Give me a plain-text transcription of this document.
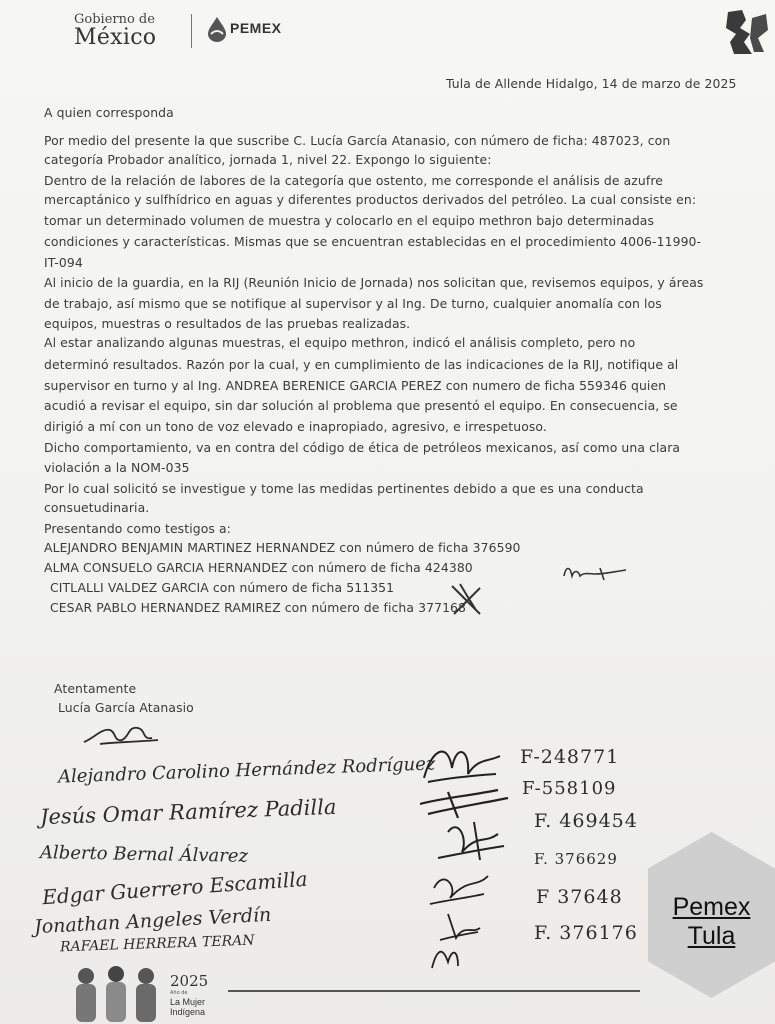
Gobierno de
México	PEMEX
Tula de Allende Hidalgo, 14 de marzo de 2025
A quien corresponda
Por medio del presente la que suscribe C. Lucía García Atanasio, con número de ficha: 487023, con
categoría Probador analítico, jornada 1, nivel 22. Expongo lo siguiente:
Dentro de la relación de labores de la categoría que ostento, me corresponde el análisis de azufre
mercaptánico y sulfhídrico en aguas y diferentes productos derivados del petróleo. La cual consiste en:
tomar un determinado volumen de muestra y colocarlo en el equipo methron bajo determinadas
condiciones y características. Mismas que se encuentran establecidas en el procedimiento 4006-11990-
IT-094
Al inicio de la guardia, en la RIJ (Reunión Inicio de Jornada) nos solicitan que, revisemos equipos, y áreas
de trabajo, así mismo que se notifique al supervisor y al Ing. De turno, cualquier anomalía con los
equipos, muestras o resultados de las pruebas realizadas.
Al estar analizando algunas muestras, el equipo methron, indicó el análisis completo, pero no
determinó resultados. Razón por la cual, y en cumplimiento de las indicaciones de la RIJ, notifique al
supervisor en turno y al Ing. ANDREA BERENICE GARCIA PEREZ con numero de ficha 559346 quien
acudió a revisar el equipo, sin dar solución al problema que presentó el equipo. En consecuencia, se
dirigió a mí con un tono de voz elevado e inapropiado, agresivo, e irrespetuoso.
Dicho comportamiento, va en contra del código de ética de petróleos mexicanos, así como una clara
violación a la NOM-035
Por lo cual solicitó se investigue y tome las medidas pertinentes debido a que es una conducta
consuetudinaria.
Presentando como testigos a:
ALEJANDRO BENJAMIN MARTINEZ HERNANDEZ con número de ficha 376590
ALMA CONSUELO GARCIA HERNANDEZ con número de ficha 424380
CITLALLI VALDEZ GARCIA con número de ficha 511351
CESAR PABLO HERNANDEZ RAMIREZ con número de ficha 377168
Atentamente
Lucía García Atanasio
Alejandro Carolino Hernández Rodríguez
Jesús Omar Ramírez Padilla
Alberto Bernal Álvarez
Edgar Guerrero Escamilla
Jonathan Angeles Verdín
RAFAEL HERRERA TERAN
F-248771
F-558109
F. 469454
F. 376629
F 37648
F. 376176
Pemex
Tula
2025
Año de
La Mujer
Indígena
